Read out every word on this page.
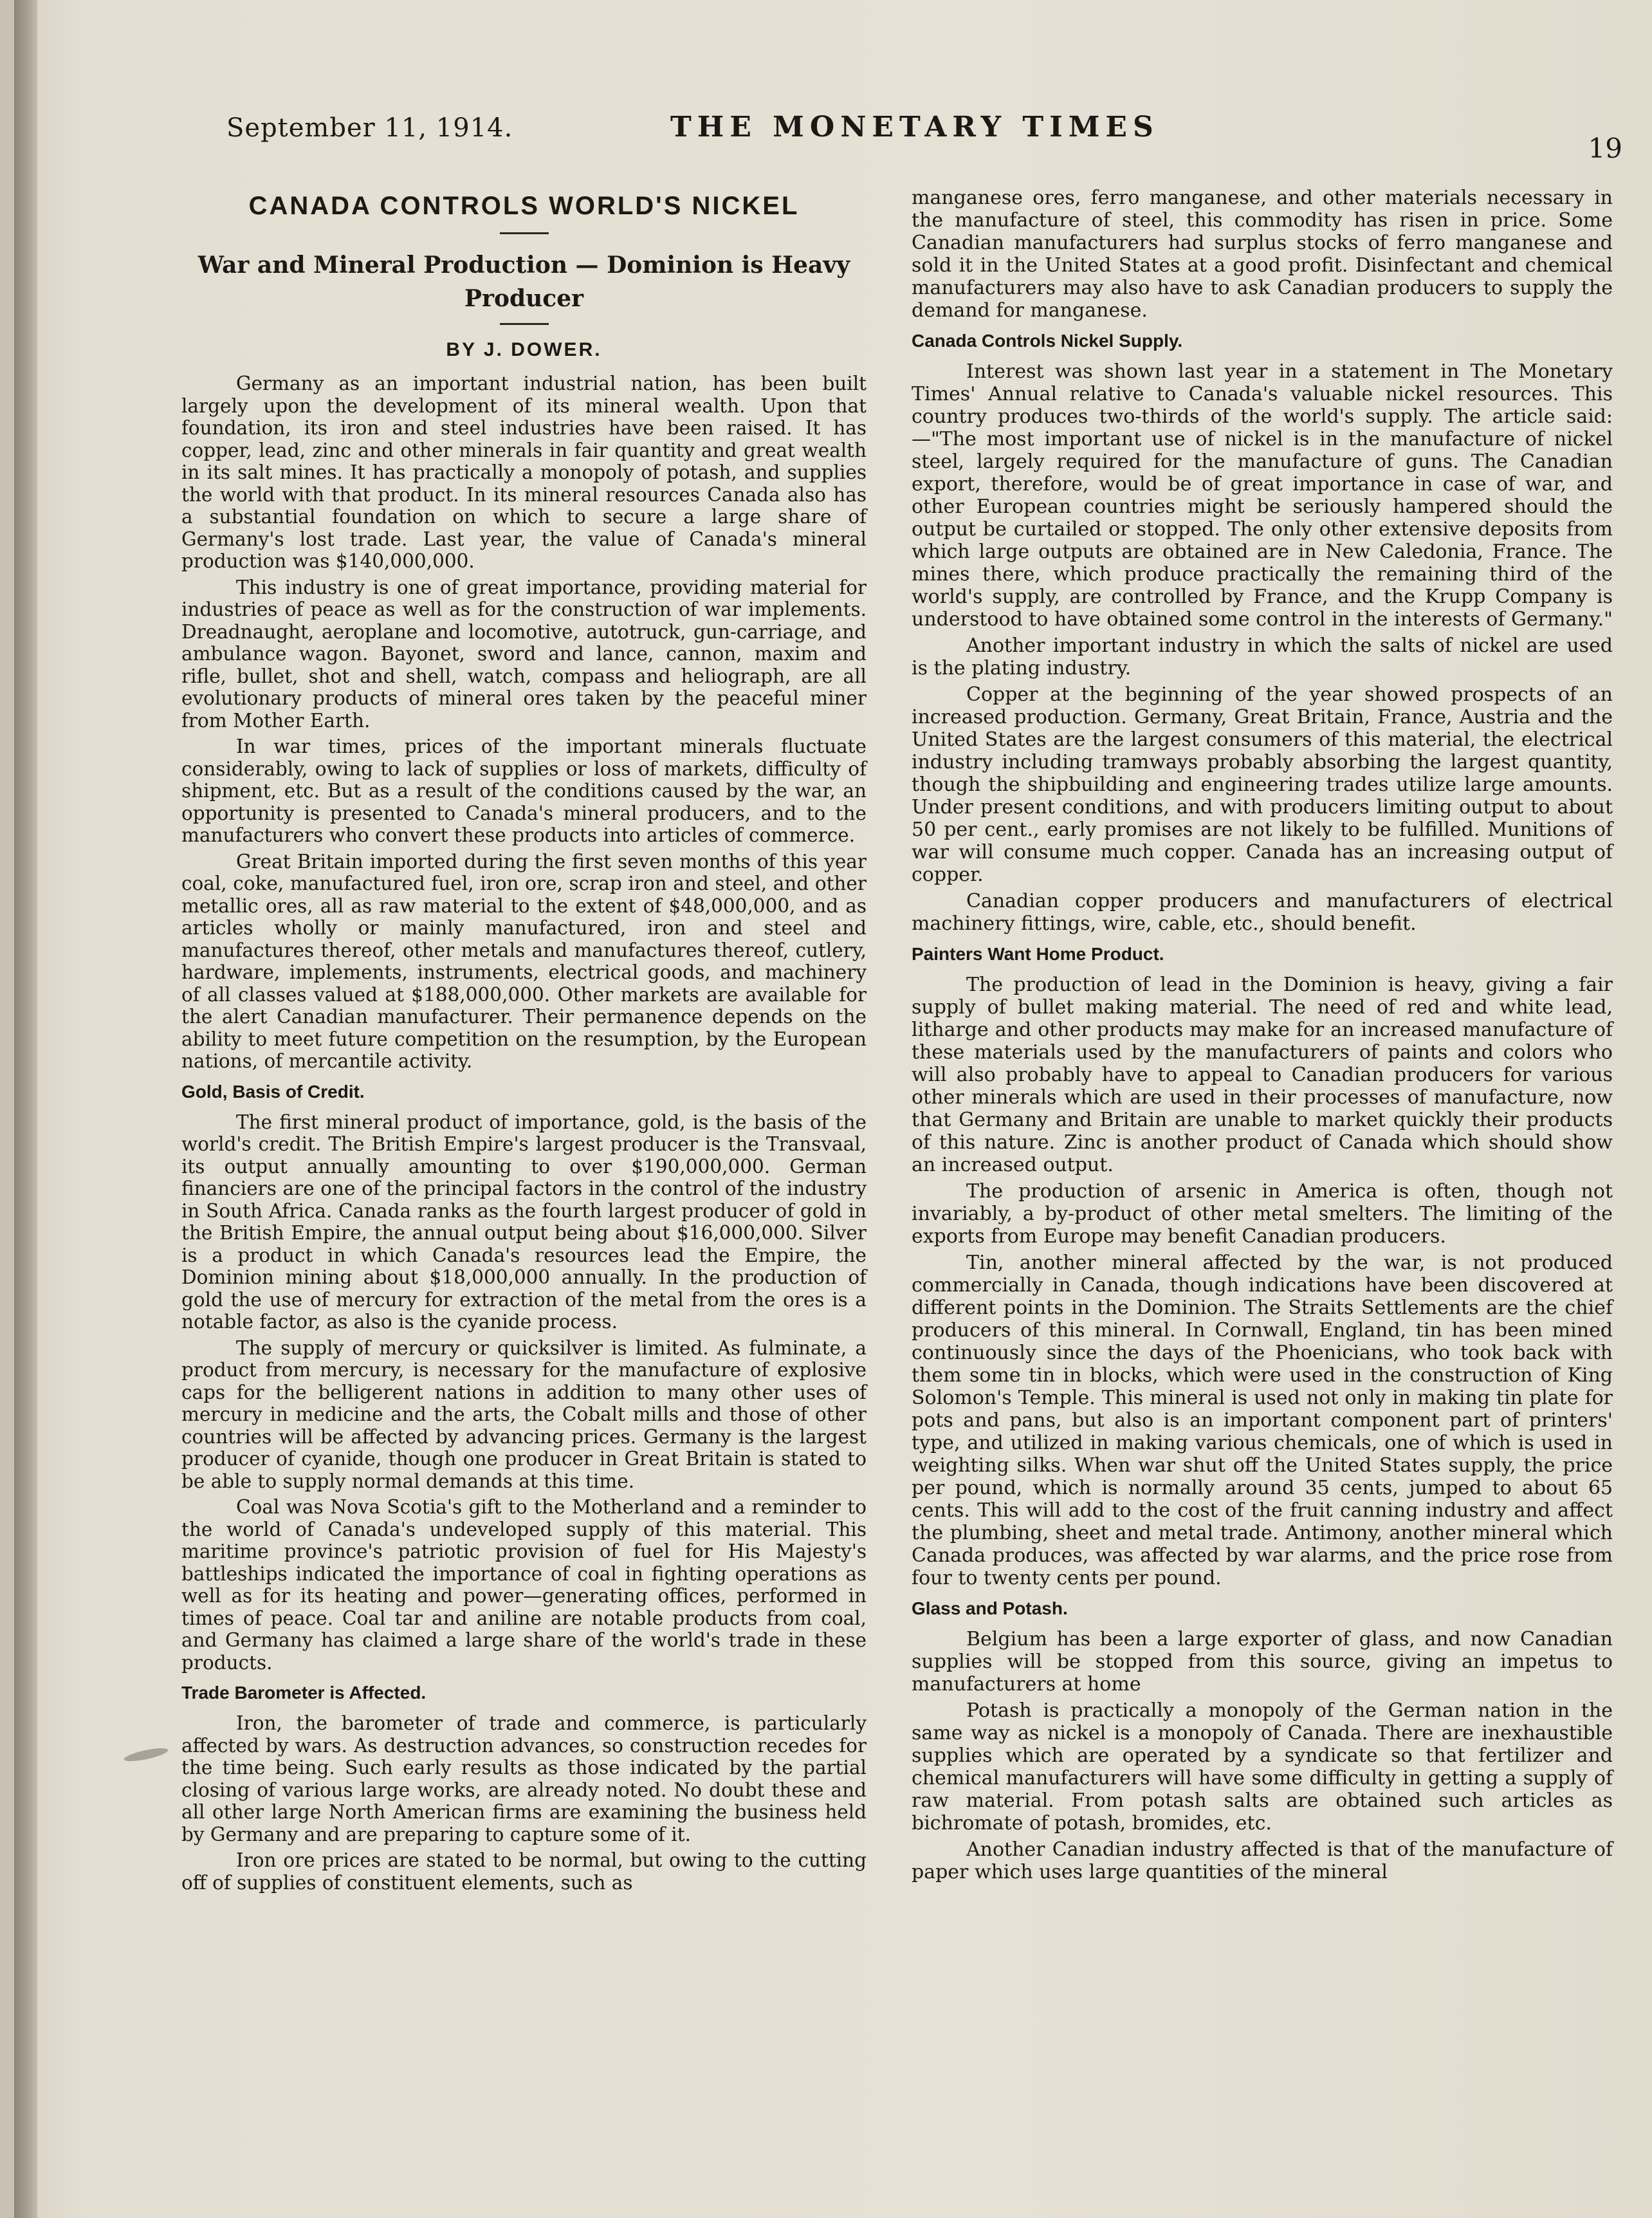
September 11, 1914.	THE MONETARY TIMES
19
CANADA CONTROLS WORLD'S NICKEL
War and Mineral Production — Dominion is Heavy Producer
BY J. DOWER.

Germany as an important industrial nation, has been built largely upon the development of its mineral wealth. Upon that foundation, its iron and steel industries have been raised. It has copper, lead, zinc and other minerals in fair quantity and great wealth in its salt mines. It has practically a monopoly of potash, and supplies the world with that product. In its mineral resources Canada also has a substantial foundation on which to secure a large share of Germany's lost trade. Last year, the value of Canada's mineral production was $140,000,000.

This industry is one of great importance, providing material for industries of peace as well as for the construction of war implements. Dreadnaught, aeroplane and locomotive, autotruck, gun-carriage, and ambulance wagon. Bayonet, sword and lance, cannon, maxim and rifle, bullet, shot and shell, watch, compass and heliograph, are all evolutionary products of mineral ores taken by the peaceful miner from Mother Earth.

In war times, prices of the important minerals fluctuate considerably, owing to lack of supplies or loss of markets, difficulty of shipment, etc. But as a result of the conditions caused by the war, an opportunity is presented to Canada's mineral producers, and to the manufacturers who convert these products into articles of commerce.

Great Britain imported during the first seven months of this year coal, coke, manufactured fuel, iron ore, scrap iron and steel, and other metallic ores, all as raw material to the extent of $48,000,000, and as articles wholly or mainly manufactured, iron and steel and manufactures thereof, other metals and manufactures thereof, cutlery, hardware, implements, instruments, electrical goods, and machinery of all classes valued at $188,000,000. Other markets are available for the alert Canadian manufacturer. Their permanence depends on the ability to meet future competition on the resumption, by the European nations, of mercantile activity.

Gold, Basis of Credit.

The first mineral product of importance, gold, is the basis of the world's credit. The British Empire's largest producer is the Transvaal, its output annually amounting to over $190,000,000. German financiers are one of the principal factors in the control of the industry in South Africa. Canada ranks as the fourth largest producer of gold in the British Empire, the annual output being about $16,000,000. Silver is a product in which Canada's resources lead the Empire, the Dominion mining about $18,000,000 annually. In the production of gold the use of mercury for extraction of the metal from the ores is a notable factor, as also is the cyanide process.

The supply of mercury or quicksilver is limited. As fulminate, a product from mercury, is necessary for the manufacture of explosive caps for the belligerent nations in addition to many other uses of mercury in medicine and the arts, the Cobalt mills and those of other countries will be affected by advancing prices. Germany is the largest producer of cyanide, though one producer in Great Britain is stated to be able to supply normal demands at this time.

Coal was Nova Scotia's gift to the Motherland and a reminder to the world of Canada's undeveloped supply of this material. This maritime province's patriotic provision of fuel for His Majesty's battleships indicated the importance of coal in fighting operations as well as for its heating and power—generating offices, performed in times of peace. Coal tar and aniline are notable products from coal, and Germany has claimed a large share of the world's trade in these products.

Trade Barometer is Affected.

Iron, the barometer of trade and commerce, is particularly affected by wars. As destruction advances, so construction recedes for the time being. Such early results as those indicated by the partial closing of various large works, are already noted. No doubt these and all other large North American firms are examining the business held by Germany and are preparing to capture some of it.

Iron ore prices are stated to be normal, but owing to the cutting off of supplies of constituent elements, such as

manganese ores, ferro manganese, and other materials necessary in the manufacture of steel, this commodity has risen in price. Some Canadian manufacturers had surplus stocks of ferro manganese and sold it in the United States at a good profit. Disinfectant and chemical manufacturers may also have to ask Canadian producers to supply the demand for manganese.

Canada Controls Nickel Supply.

Interest was shown last year in a statement in The Monetary Times' Annual relative to Canada's valuable nickel resources. This country produces two-thirds of the world's supply. The article said:—"The most important use of nickel is in the manufacture of nickel steel, largely required for the manufacture of guns. The Canadian export, therefore, would be of great importance in case of war, and other European countries might be seriously hampered should the output be curtailed or stopped. The only other extensive deposits from which large outputs are obtained are in New Caledonia, France. The mines there, which produce practically the remaining third of the world's supply, are controlled by France, and the Krupp Company is understood to have obtained some control in the interests of Germany."

Another important industry in which the salts of nickel are used is the plating industry.

Copper at the beginning of the year showed prospects of an increased production. Germany, Great Britain, France, Austria and the United States are the largest consumers of this material, the electrical industry including tramways probably absorbing the largest quantity, though the shipbuilding and engineering trades utilize large amounts. Under present conditions, and with producers limiting output to about 50 per cent., early promises are not likely to be fulfilled. Munitions of war will consume much copper. Canada has an increasing output of copper.

Canadian copper producers and manufacturers of electrical machinery fittings, wire, cable, etc., should benefit.

Painters Want Home Product.

The production of lead in the Dominion is heavy, giving a fair supply of bullet making material. The need of red and white lead, litharge and other products may make for an increased manufacture of these materials used by the manufacturers of paints and colors who will also probably have to appeal to Canadian producers for various other minerals which are used in their processes of manufacture, now that Germany and Britain are unable to market quickly their products of this nature. Zinc is another product of Canada which should show an increased output.

The production of arsenic in America is often, though not invariably, a by-product of other metal smelters. The limiting of the exports from Europe may benefit Canadian producers.

Tin, another mineral affected by the war, is not produced commercially in Canada, though indications have been discovered at different points in the Dominion. The Straits Settlements are the chief producers of this mineral. In Cornwall, England, tin has been mined continuously since the days of the Phoenicians, who took back with them some tin in blocks, which were used in the construction of King Solomon's Temple. This mineral is used not only in making tin plate for pots and pans, but also is an important component part of printers' type, and utilized in making various chemicals, one of which is used in weighting silks. When war shut off the United States supply, the price per pound, which is normally around 35 cents, jumped to about 65 cents. This will add to the cost of the fruit canning industry and affect the plumbing, sheet and metal trade. Antimony, another mineral which Canada produces, was affected by war alarms, and the price rose from four to twenty cents per pound.

Glass and Potash.

Belgium has been a large exporter of glass, and now Canadian supplies will be stopped from this source, giving an impetus to manufacturers at home

Potash is practically a monopoly of the German nation in the same way as nickel is a monopoly of Canada. There are inexhaustible supplies which are operated by a syndicate so that fertilizer and chemical manufacturers will have some difficulty in getting a supply of raw material. From potash salts are obtained such articles as bichromate of potash, bromides, etc.

Another Canadian industry affected is that of the manufacture of paper which uses large quantities of the mineral
